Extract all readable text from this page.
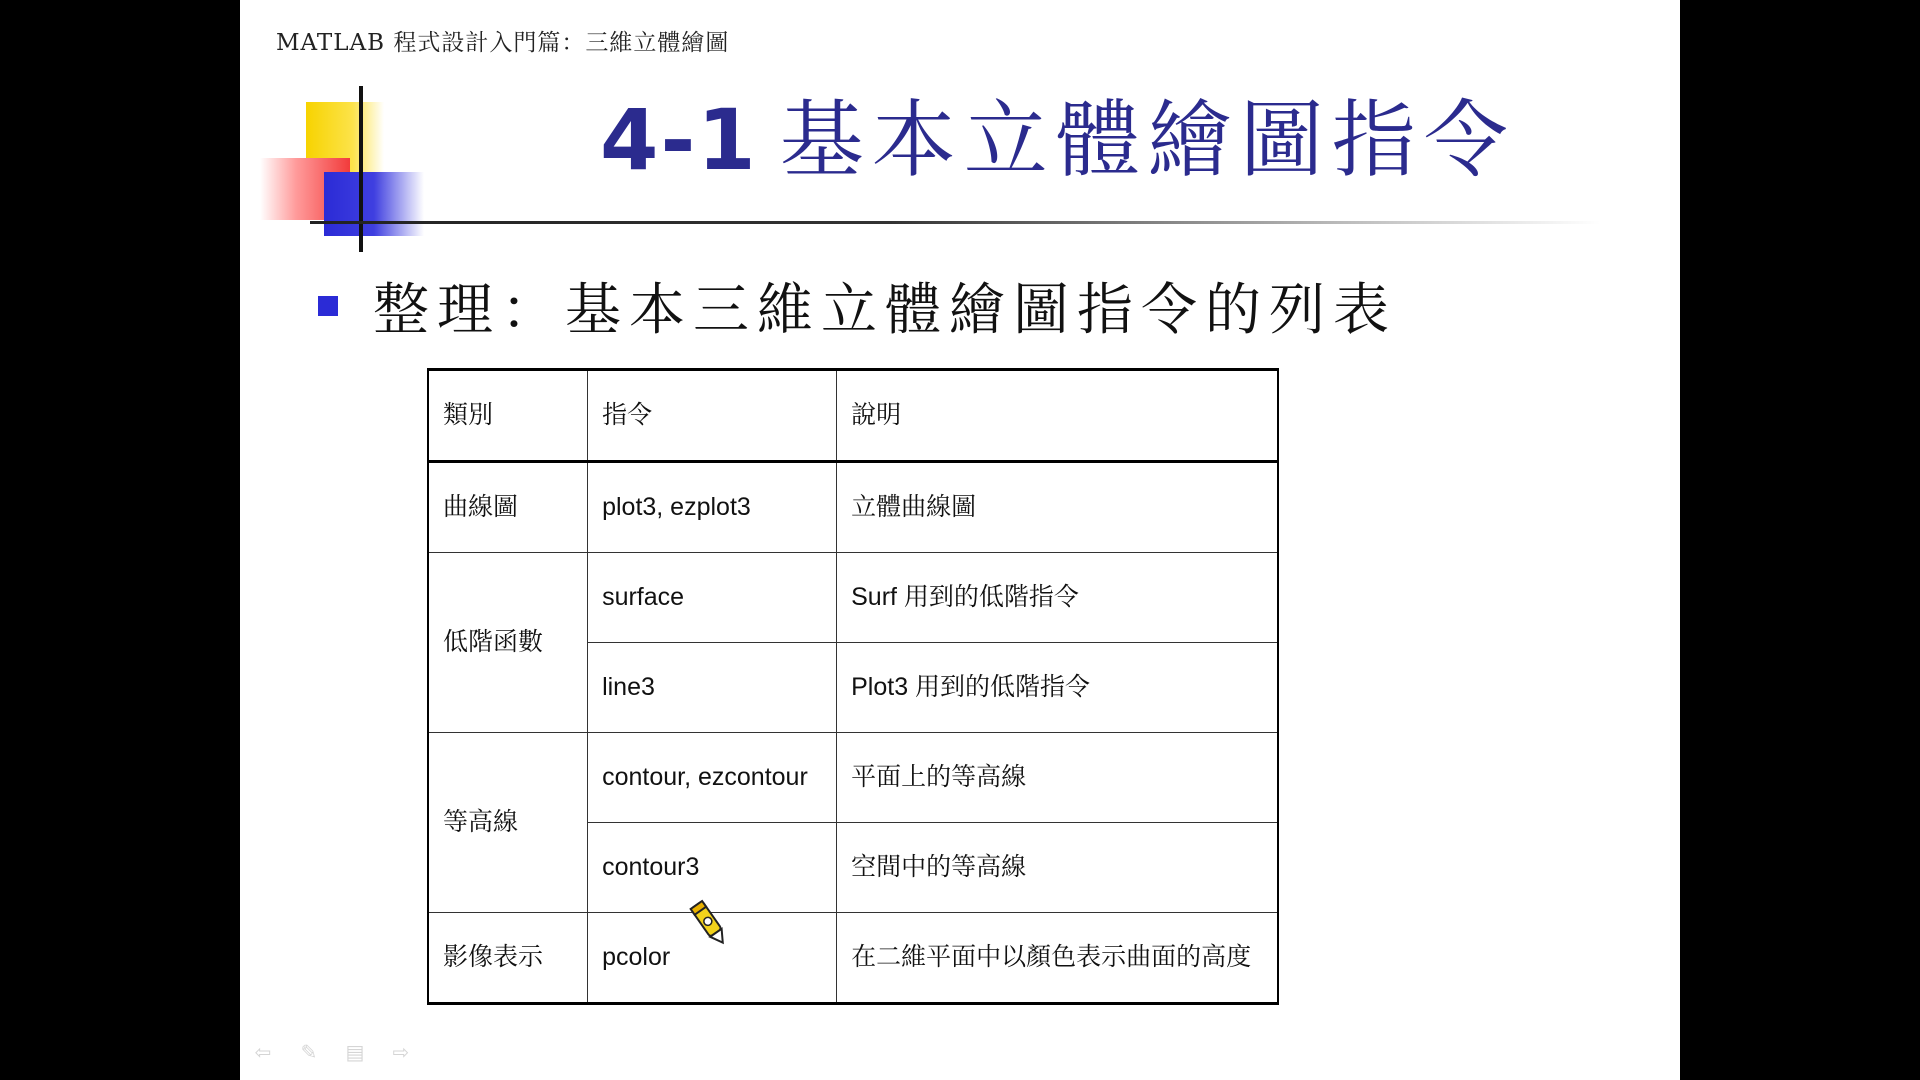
MATLAB 程式設計入門篇：三維立體繪圖
4-1 基本立體繪圖指令
整理：基本三維立體繪圖指令的列表
類別	指令	說明
曲線圖	plot3, ezplot3	立體曲線圖
低階函數	surface	Surf 用到的低階指令
	line3	Plot3 用到的低階指令
等高線	contour, ezcontour	平面上的等高線
	contour3	空間中的等高線
影像表示	pcolor	在二維平面中以顏色表示曲面的高度
⇦ ✎ ▤ ⇨
